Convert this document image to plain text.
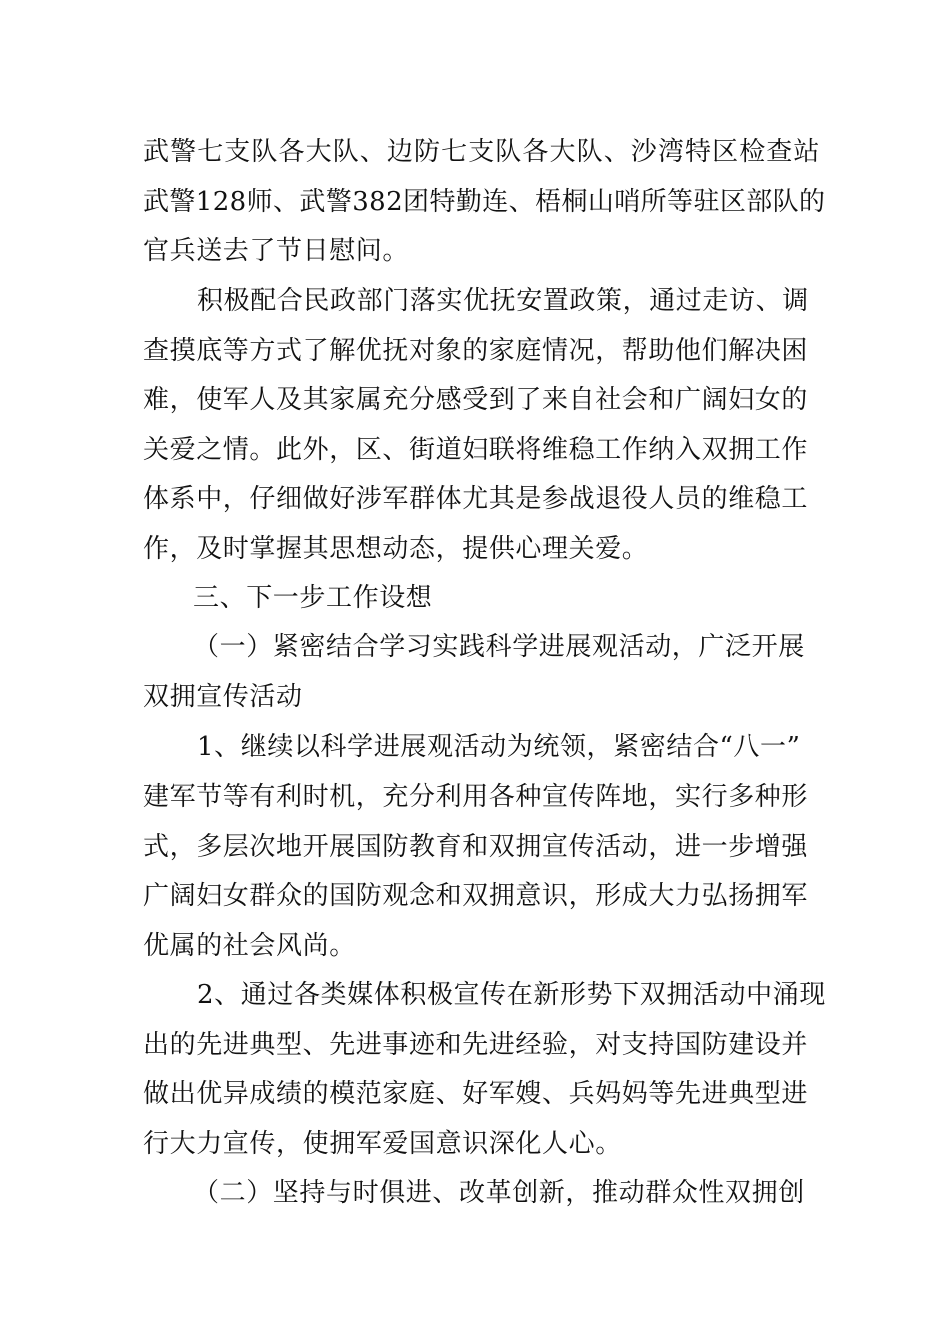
武警七支队各大队、边防七支队各大队、沙湾特区检查站
武警128师、武警382团特勤连、梧桐山哨所等驻区部队的
官兵送去了节日慰问。
积极配合民政部门落实优抚安置政策，通过走访、调
查摸底等方式了解优抚对象的家庭情况，帮助他们解决困
难，使军人及其家属充分感受到了来自社会和广阔妇女的
关爱之情。此外，区、街道妇联将维稳工作纳入双拥工作
体系中，仔细做好涉军群体尤其是参战退役人员的维稳工
作，及时掌握其思想动态，提供心理关爱。
三、下一步工作设想
（一）紧密结合学习实践科学进展观活动，广泛开展
双拥宣传活动
1、继续以科学进展观活动为统领，紧密结合“八一”
建军节等有利时机，充分利用各种宣传阵地，实行多种形
式，多层次地开展国防教育和双拥宣传活动，进一步增强
广阔妇女群众的国防观念和双拥意识，形成大力弘扬拥军
优属的社会风尚。
2、通过各类媒体积极宣传在新形势下双拥活动中涌现
出的先进典型、先进事迹和先进经验，对支持国防建设并
做出优异成绩的模范家庭、好军嫂、兵妈妈等先进典型进
行大力宣传，使拥军爱国意识深化人心。
（二）坚持与时俱进、改革创新，推动群众性双拥创
